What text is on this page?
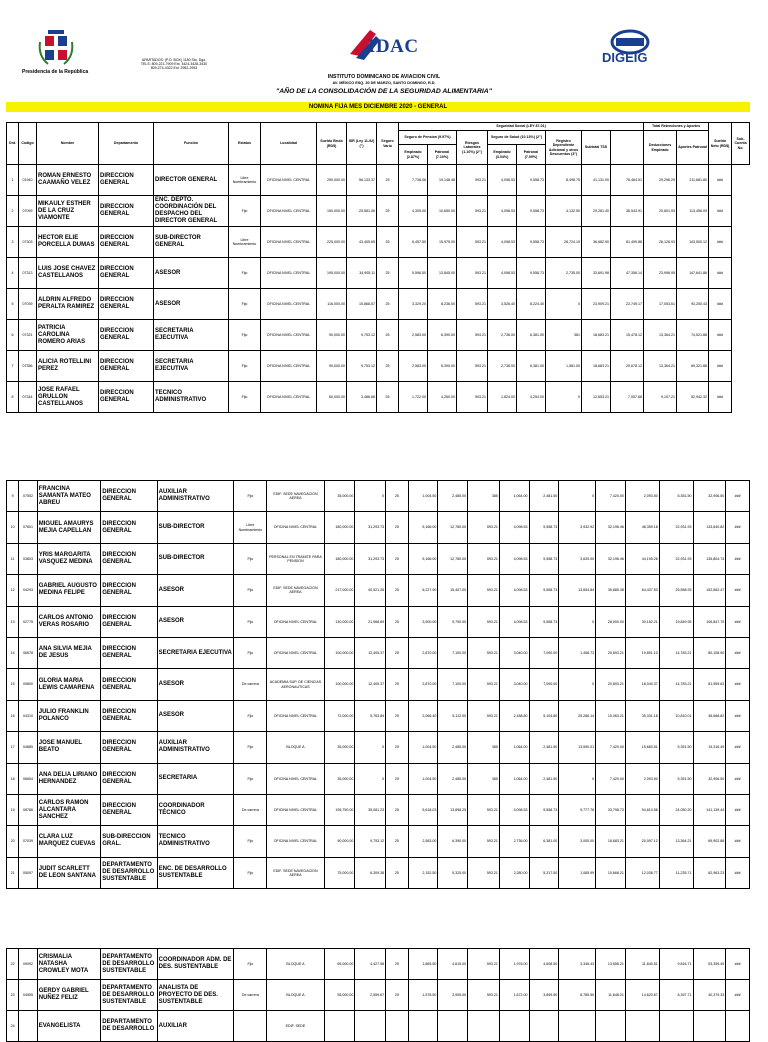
Presidencia de la República
APARTADOS: (P.O. BOX) 1180 Sto. Dgo.
TELS: 809-221-7909 Ext. 3424-3428-3430
809-274-4322 Ext. 2952-2953
IDAC
DIGEIG
INSTITUTO DOMINICANO DE AVIACION CIVIL
AV. MÉXICO ESQ. 30 DE MARZO, SANTO DOMINGO, R.D.
"AÑO DE LA CONSOLIDACIÓN DE LA SEGURIDAD ALIMENTARIA"
NOMINA FIJA MES DICIEMBRE 2020 - GENERAL
Ord.	Codigo	Nombre	Departamento	Función	Estatus	Localidad	Sueldo Bruto (RD$)	ISR (Ley 11-92) (")	Seguro Vario	Seguridad Social (LEY 87-01)								Total Retenciones y Aportes		Sueldo Neto (RD$)	Sub-Cuenta No.
										Seguro de Pension (9.97%)		Riesgos Laborales (1.10%) (2")	Seguro de Salud (10.13%) (2")		Registro Dependiente Adicional y otros Descuentos (3")	Subtotal TSS		Deducciones Empleado	Aportes Patronal		
										Empleado (2.87%)	Patronal (7.10%)		Empleado (3.04%)	Patronal (7.09%)							
1	01940	ROMAN ERNESTO CAAMAÑO VELEZ	DIRECCION GENERAL	DIRECTOR GENERAL	Libre Nombramiento	OFICINA NIVEL CENTRAL	290,000.00	56,133.37	25	7,738.06	19,148.48	593.21	4,098.53	9,558.73	8,498.75	41,131.00	76,464.51	29,296.29	211,681.80	###	
2	07099	MIKAULY ESTHER DE LA CRUZ VIAMONTE	DIRECCION GENERAL	ENC. DEPTO. COORDINACIÓN DEL DESPACHO DEL DIRECTOR GENERAL	Fijo	OFICINA NIVEL CENTRAL	150,000.00	25,581.06	25	4,305.00	10,650.00	593.21	4,098.53	9,558.73	4,132.50	29,281.40	36,543.91	20,801.93	113,456.09	###	
3	07303	HECTOR ELIE PORCELLA DUMAS	DIRECCION GENERAL	SUB-DIRECTOR GENERAL	Libre Nombramiento	OFICINA NIVEL CENTRAL	225,000.00	43,405.65	25	6,457.50	15,975.00	593.21	4,098.53	9,558.73	28,724.19	36,682.90	81,499.88	26,126.93	143,500.12	###	
4	07313	LUIS JOSE CHAVEZ CASTELLANOS	DIRECCION GENERAL	ASESOR	Fijo	OFICINA NIVEL CENTRAL	195,000.00	34,905.11	25	5,596.50	13,845.00	593.21	4,098.53	9,558.73	2,735.00	33,691.98	47,356.14	23,996.95	147,641.86	###	
5	07039	ALDRIN ALFREDO PERALTA RAMIREZ	DIRECCION GENERAL	ASESOR	Fijo	OFICINA NIVEL CENTRAL	116,000.00	15,868.57	25	3,329.20	8,236.00	593.21	3,526.40	8,224.40	0	23,909.21	22,749.17	17,053.61	93,250.43	###	
6	07321	PATRICIA CAROLINA ROMERO ARIAS	DIRECCION GENERAL	SECRETARIA EJECUTIVA	Fijo	OFICINA NIVEL CENTRAL	90,000.00	9,753.12	25	2,583.00	6,390.00	593.21	2,736.00	6,381.00	381	18,683.21	15,478.12	13,364.21	74,521.88	###	
7	07356	ALICIA ROTELLINI PEREZ	DIRECCION GENERAL	SECRETARIA EJECUTIVA	Fijo	OFICINA NIVEL CENTRAL	90,000.00	9,753.12	25	2,583.00	6,390.00	593.21	2,736.00	6,381.00	1,581.00	18,683.21	20,678.12	13,364.21	69,321.88	###	
8	07344	JOSE RAFAEL GRULLON CASTELLANOS	DIRECCION GENERAL	TECNICO ADMINISTRATIVO	Fijo	OFICINA NIVEL CENTRAL	60,000.00	3,486.68	25	1,722.00	4,260.00	593.21	1,824.00	4,254.00	0	12,653.21	7,057.68	9,107.21	52,942.32	###	
9	07552	FRANCINA SAMANTA MATEO ABREU	DIRECCION GENERAL	AUXILIAR ADMINISTRATIVO	Fijo	EDIF. SEDE NAVEGACION AEREA	35,000.00	0	25	1,004.50	2,485.00	385	1,064.00	2,481.50	0	7,420.00	2,093.50	5,351.50	32,906.50	###
10	07601	MIGUEL AMAURYS MEJIA CAPELLAN	DIRECCION GENERAL	SUB-DIRECTOR	Libre Nombramiento	OFICINA NIVEL CENTRAL	180,000.00	31,293.73	25	5,166.00	12,780.00	593.21	4,098.53	9,558.73	3,932.92	32,196.46	46,359.18	22,931.93	133,640.82	###
11	03803	YRIS MARGARITA VASQUEZ MEDINA	DIRECCION GENERAL	SUB-DIRECTOR	Fijo	PERSONAL EN TRAMITE PARA PENSION	180,000.00	31,293.73	25	5,166.00	12,780.00	593.21	4,098.53	9,558.73	3,639.00	32,196.46	44,195.26	22,931.93	135,804.74	###
12	04293	GABRIEL AUGUSTO MEDINA FELIPE	DIRECCION GENERAL	ASESOR	Fijo	EDIF. SEDE NAVEGACION AEREA	217,000.00	40,521.26	25	6,227.90	15,407.00	593.21	4,098.53	9,558.73	13,654.84	35,885.38	64,437.53	25,558.93	152,562.47	###
13	02775	CARLOS ANTONIO VERAS ROSARIO	DIRECCION GENERAL	ASESOR	Fijo	OFICINA NIVEL CENTRAL	130,000.00	21,968.69	25	3,900.00	9,790.00	593.21	4,098.53	9,558.73	0	28,000.00	30,152.21	19,849.95	106,847.79	###
14	06678	ANA SILVIA MEJIA DE JESUS	DIRECCION GENERAL	SECRETARIA EJECUTIVA	Fijo	OFICINA NIVEL CENTRAL	100,000.00	12,405.37	25	2,870.00	7,100.00	593.21	3,040.00	7,090.00	1,458.73	20,693.21	19,891.10	14,783.21	80,108.90	###
15	09800	GLORIA MARIA LEWIS CAMARENA	DIRECCION GENERAL	ASESOR	De carrera	ACADEMIA SUP. DE CIENCIAS AERONAUTICAS	100,000.00	12,405.37	25	2,870.00	7,100.00	593.21	3,040.00	7,090.00	0	20,693.21	18,040.37	14,783.21	81,959.63	###
16	04310	JULIO FRANKLIN POLANCO	DIRECCION GENERAL	ASESOR	Fijo	OFICINA NIVEL CENTRAL	72,000.00	5,763.84	25	2,066.40	5,112.00	593.21	2,188.80	5,104.80	25,286.14	15,063.21	35,331.18	10,810.01	36,668.82	###
17	04885	JOSE MANUEL BEATO	DIRECCION GENERAL	AUXILIAR ADMINISTRATIVO	Fijo	BLOQUE A	35,000.00	0	25	1,004.50	2,485.00	385	1,064.00	2,481.50	13,590.01	7,420.00	15,683.51	5,351.50	19,316.49	###
18	06654	ANA DELIA LIRIANO HERNANDEZ	DIRECCION GENERAL	SECRETARIA	Fijo	OFICINA NIVEL CENTRAL	35,000.00	0	25	1,004.50	2,485.00	385	1,064.00	2,481.50	0	7,420.00	2,093.50	5,351.50	32,906.50	###
19	08786	CARLOS RAMON ALCANTARA SANCHEZ	DIRECCION GENERAL	COORDINADOR TÉCNICO	De carrera	OFICINA NIVEL CENTRAL	195,750.00	35,081.23	25	5,618.03	13,898.25	593.21	4,098.53	9,558.73	9,777.76	33,798.73	54,610.56	24,050.20	141,139.44	###
20	07039	CLARA LUZ MARQUEZ CUEVAS	SUB-DIRECCION GRAL.	TECNICO ADMINISTRATIVO	Fijo	OFICINA NIVEL CENTRAL	90,000.00	9,753.12	25	2,583.00	6,390.00	593.21	2,736.00	6,381.00	3,000.00	18,683.21	20,097.12	13,364.21	69,902.88	###
21	05097	JUDIT SCARLETT DE LEON SANTANA	DEPARTAMENTO DE DESARROLLO SUSTENTABLE	ENC. DE DESARROLLO SUSTENTABLE	Fijo	EDIF. SEDE NAVEGACION AEREA	75,000.00	6,309.38	25	2,152.50	5,325.00	593.21	2,280.00	5,317.50	1,085.99	15,668.21	12,036.77	11,235.71	62,963.23	###
22	09092	CRISMALIA NATASHA CROWLEY MOTA	DEPARTAMENTO DE DESARROLLO SUSTENTABLE	COORDINADOR ADM. DE DES. SUSTENTABLE	Fijo	BLOQUE A	65,000.00	4,427.58	25	1,865.50	4,615.00	593.21	1,976.00	4,608.50	3,346.43	13,658.21	11,640.51	9,816.71	53,359.49	###
23	04555	GERDY GABRIEL NUÑEZ FELIZ	DEPARTAMENTO DE DESARROLLO SUSTENTABLE	ANALISTA DE PROYECTO DE DES. SUSTENTABLE	De carrera	BLOQUE A	55,000.00	2,559.67	25	1,578.50	3,905.00	593.21	1,672.00	3,899.50	8,785.50	11,648.21	14,620.67	8,397.71	40,379.33	###
24		EVANGELISTA	DEPARTAMENTO DE DESARROLLO	AUXILIAR		EDIF. SEDE														
